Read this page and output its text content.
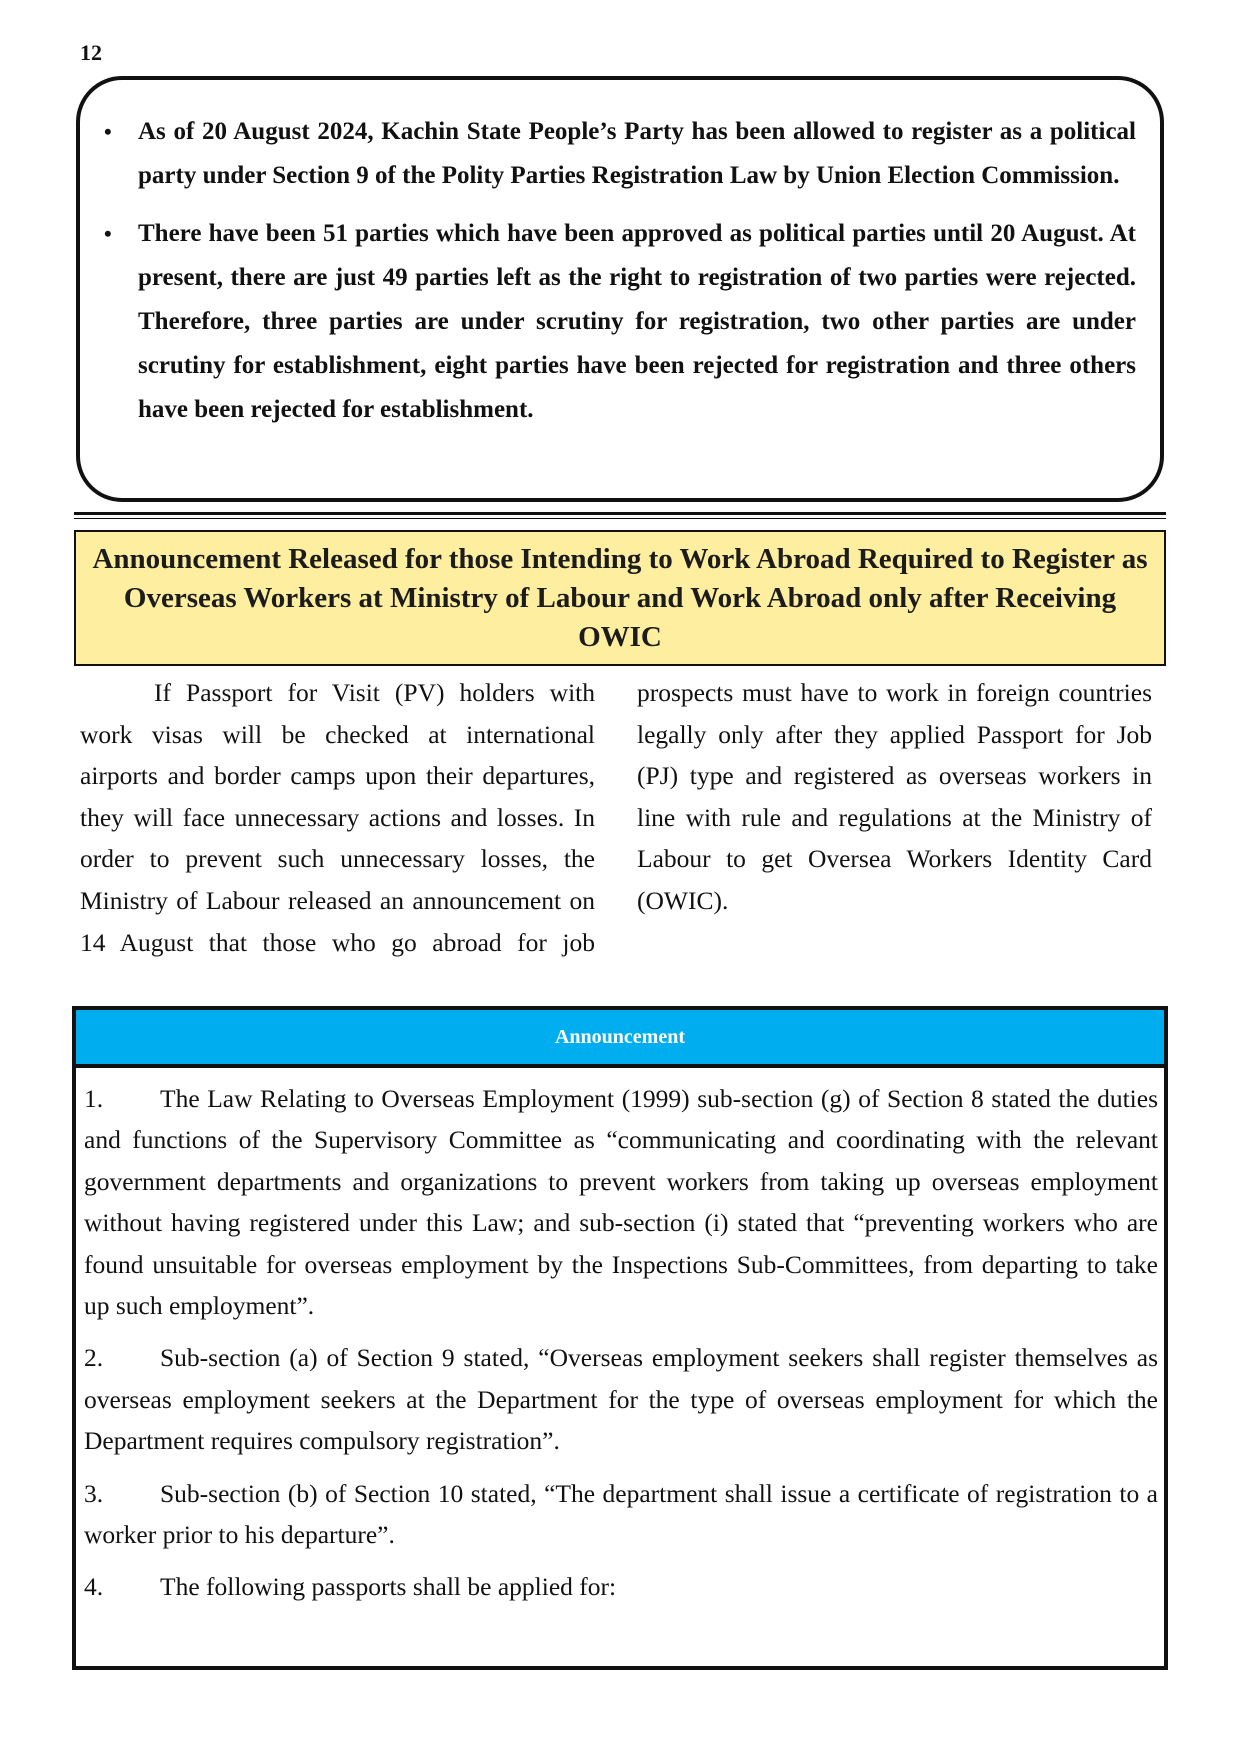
12
• As of 20 August 2024, Kachin State People’s Party has been allowed to register as a political party under Section 9 of the Polity Parties Registration Law by Union Election Commission.
• There have been 51 parties which have been approved as political parties until 20 August. At present, there are just 49 parties left as the right to registration of two parties were rejected. Therefore, three parties are under scrutiny for registration, two other parties are under scrutiny for establishment, eight parties have been rejected for registration and three others have been rejected for establishment.
Announcement Released for those Intending to Work Abroad Required to Register as Overseas Workers at Ministry of Labour and Work Abroad only after Receiving OWIC

If Passport for Visit (PV) holders with work visas will be checked at international airports and border camps upon their departures, they will face unnecessary actions and losses. In order to prevent such unnecessary losses, the Ministry of Labour released an announcement on 14 August that those who go abroad for job prospects must have to work in foreign countries legally only after they applied Passport for Job (PJ) type and registered as overseas workers in line with rule and regulations at the Ministry of Labour to get Oversea Workers Identity Card (OWIC).

Announcement

1. The Law Relating to Overseas Employment (1999) sub-section (g) of Section 8 stated the duties and functions of the Supervisory Committee as “communicating and coordinating with the relevant government departments and organizations to prevent workers from taking up overseas employment without having registered under this Law; and sub-section (i) stated that “preventing workers who are found unsuitable for overseas employment by the Inspections Sub-Committees, from departing to take up such employment”.

2. Sub-section (a) of Section 9 stated, “Overseas employment seekers shall register themselves as overseas employment seekers at the Department for the type of overseas employment for which the Department requires compulsory registration”.

3. Sub-section (b) of Section 10 stated, “The department shall issue a certificate of registration to a worker prior to his departure”.

4. The following passports shall be applied for:
